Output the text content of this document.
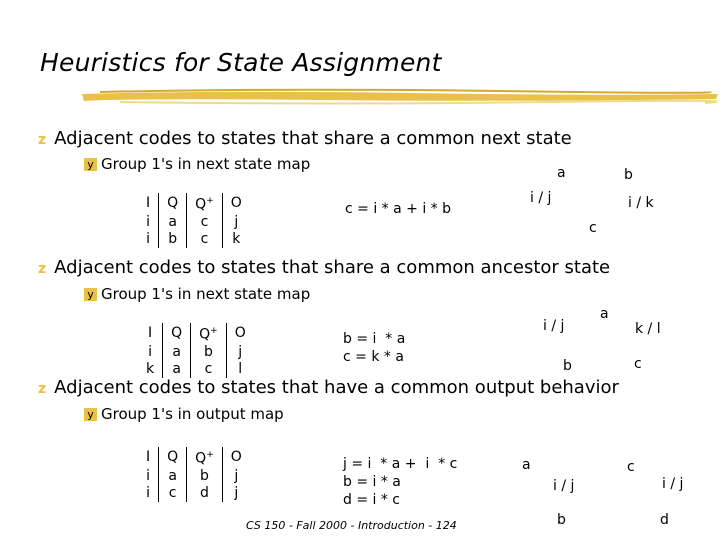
Heuristics for State Assignment
z Adjacent codes to states that share a common next state
y Group 1's in next state map
I	Q	Q+	O
i	a	c	j
i	b	c	k
c = i * a + i * b
a	b
c
i / j	i / k
z Adjacent codes to states that share a common ancestor state
y Group 1's in next state map
I	Q	Q+	O
i	a	b	j
k	a	c	l
b = i  * a
c = k * a
a
b	c
i / j	k / l
z Adjacent codes to states that have a common output behavior
y Group 1's in output map
I	Q	Q+	O
i	a	b	j
i	c	d	j
j = i  * a +  i  * c
b = i * a
d = i * c
a
b
c
d
i / j	i / j
CS 150 - Fall 2000 - Introduction - 124
